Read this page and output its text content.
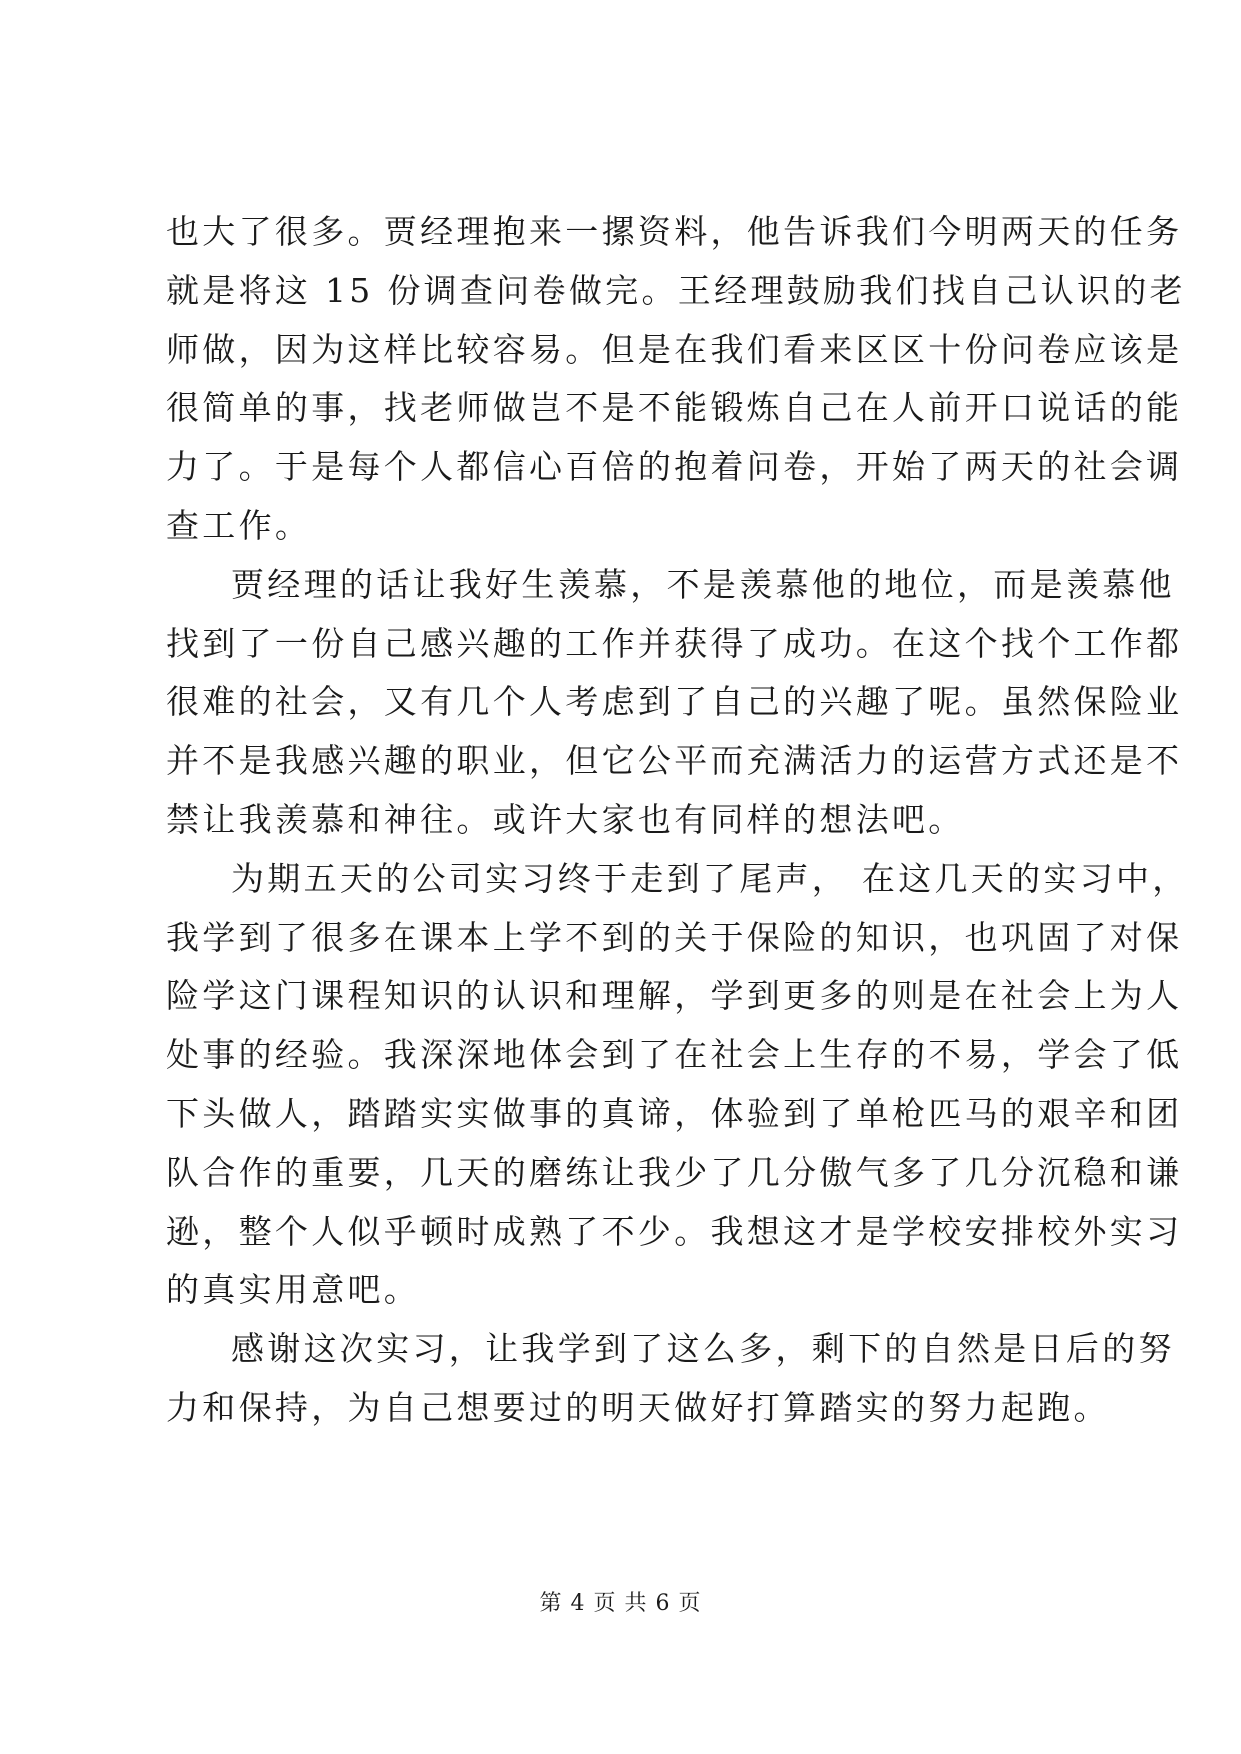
也大了很多。贾经理抱来一摞资料，他告诉我们今明两天的任务
就是将这 15 份调查问卷做完。王经理鼓励我们找自己认识的老
师做，因为这样比较容易。但是在我们看来区区十份问卷应该是
很简单的事，找老师做岂不是不能锻炼自己在人前开口说话的能
力了。于是每个人都信心百倍的抱着问卷，开始了两天的社会调
查工作。
贾经理的话让我好生羡慕，不是羡慕他的地位，而是羡慕他
找到了一份自己感兴趣的工作并获得了成功。在这个找个工作都
很难的社会，又有几个人考虑到了自己的兴趣了呢。虽然保险业
并不是我感兴趣的职业，但它公平而充满活力的运营方式还是不
禁让我羡慕和神往。或许大家也有同样的想法吧。
为期五天的公司实习终于走到了尾声， 在这几天的实习中，
我学到了很多在课本上学不到的关于保险的知识，也巩固了对保
险学这门课程知识的认识和理解，学到更多的则是在社会上为人
处事的经验。我深深地体会到了在社会上生存的不易，学会了低
下头做人，踏踏实实做事的真谛，体验到了单枪匹马的艰辛和团
队合作的重要，几天的磨练让我少了几分傲气多了几分沉稳和谦
逊，整个人似乎顿时成熟了不少。我想这才是学校安排校外实习
的真实用意吧。
感谢这次实习，让我学到了这么多，剩下的自然是日后的努
力和保持，为自己想要过的明天做好打算踏实的努力起跑。
第 4 页 共 6 页
